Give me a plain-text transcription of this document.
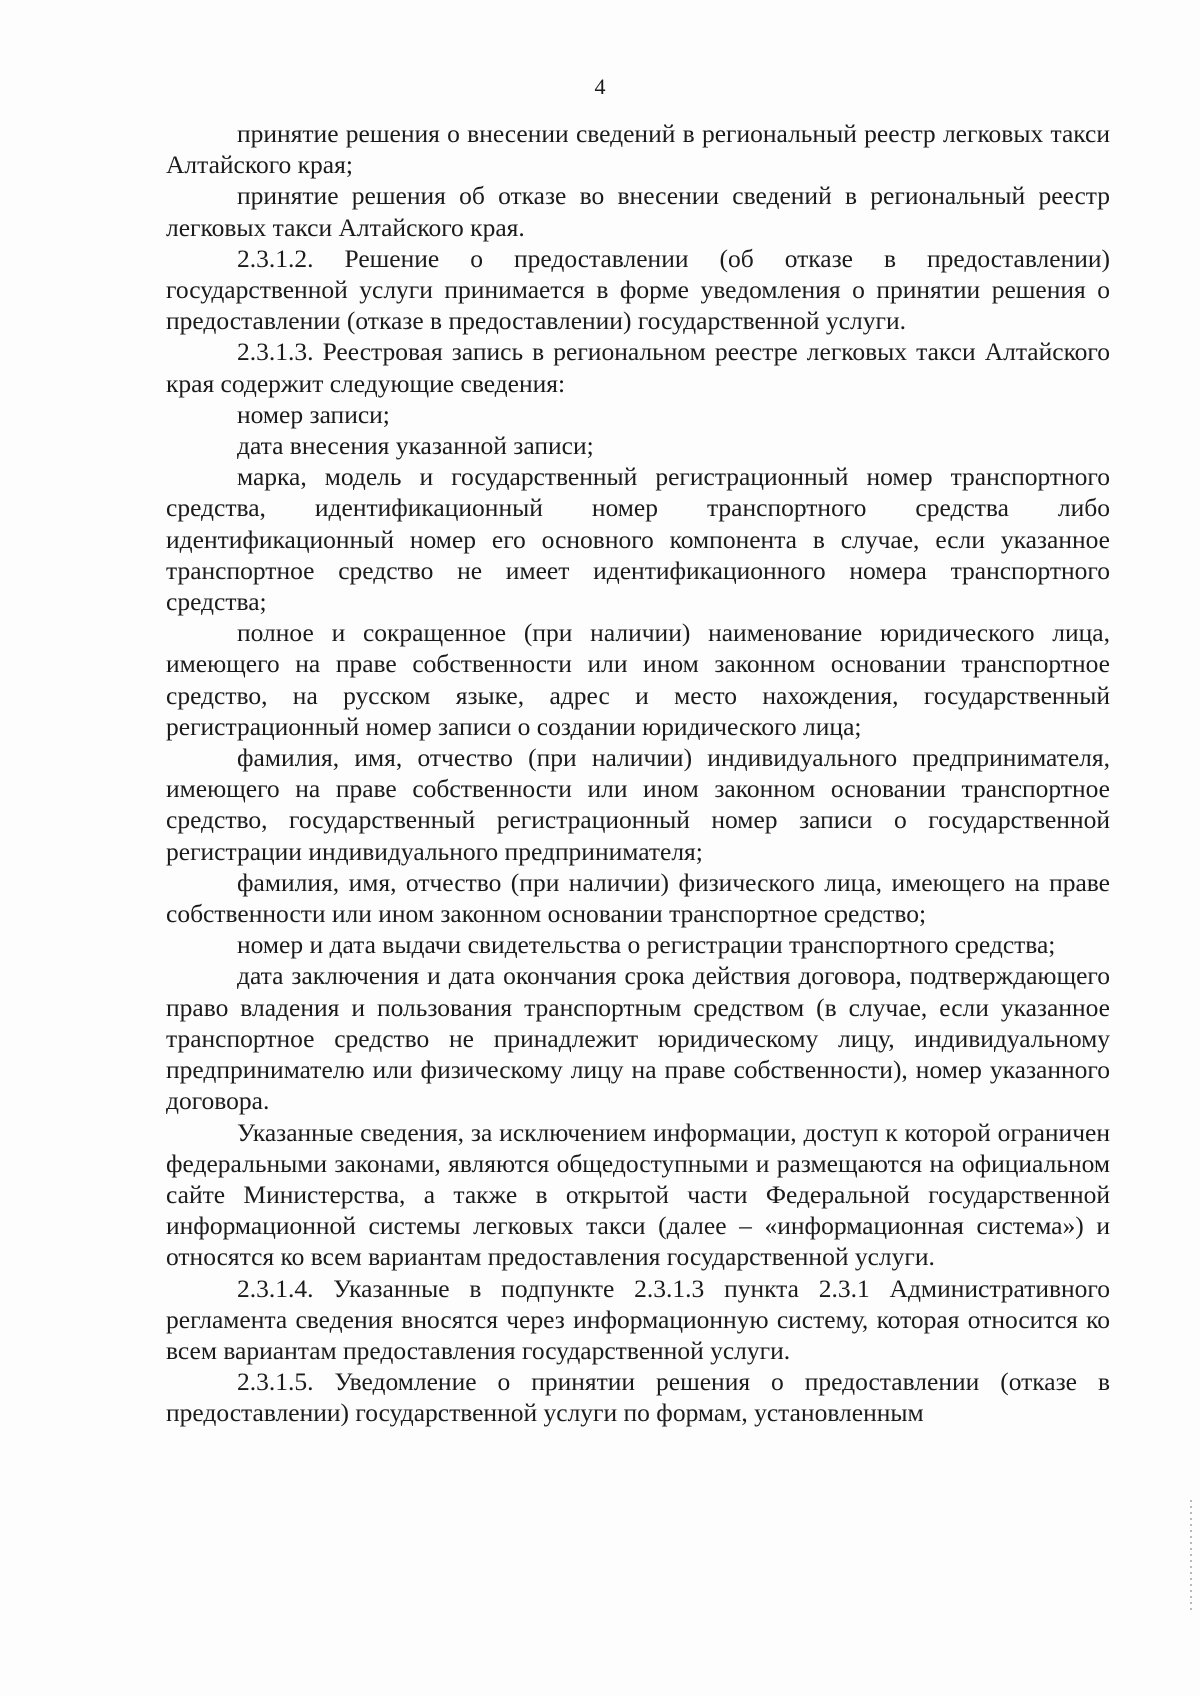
4

принятие решения о внесении сведений в региональный реестр легковых такси Алтайского края;

принятие решения об отказе во внесении сведений в региональный реестр легковых такси Алтайского края.

2.3.1.2. Решение о предоставлении (об отказе в предоставлении) государственной услуги принимается в форме уведомления о принятии решения о предоставлении (отказе в предоставлении) государственной услуги.

2.3.1.3. Реестровая запись в региональном реестре легковых такси Алтайского края содержит следующие сведения:

номер записи;

дата внесения указанной записи;

марка, модель и государственный регистрационный номер транспортного средства, идентификационный номер транспортного средства либо идентификационный номер его основного компонента в случае, если указанное транспортное средство не имеет идентификационного номера транспортного средства;

полное и сокращенное (при наличии) наименование юридического лица, имеющего на праве собственности или ином законном основании транспортное средство, на русском языке, адрес и место нахождения, государственный регистрационный номер записи о создании юридического лица;

фамилия, имя, отчество (при наличии) индивидуального предпринимателя, имеющего на праве собственности или ином законном основании транспортное средство, государственный регистрационный номер записи о государственной регистрации индивидуального предпринимателя;

фамилия, имя, отчество (при наличии) физического лица, имеющего на праве собственности или ином законном основании транспортное средство;

номер и дата выдачи свидетельства о регистрации транспортного средства;

дата заключения и дата окончания срока действия договора, подтверждающего право владения и пользования транспортным средством (в случае, если указанное транспортное средство не принадлежит юридическому лицу, индивидуальному предпринимателю или физическому лицу на праве собственности), номер указанного договора.

Указанные сведения, за исключением информации, доступ к которой ограничен федеральными законами, являются общедоступными и размещаются на официальном сайте Министерства, а также в открытой части Федеральной государственной информационной системы легковых такси (далее – «информационная система») и относятся ко всем вариантам предоставления государственной услуги.

2.3.1.4. Указанные в подпункте 2.3.1.3 пункта 2.3.1 Административного регламента сведения вносятся через информационную систему, которая относится ко всем вариантам предоставления государственной услуги.

2.3.1.5. Уведомление о принятии решения о предоставлении (отказе в предоставлении) государственной услуги по формам, установленным
